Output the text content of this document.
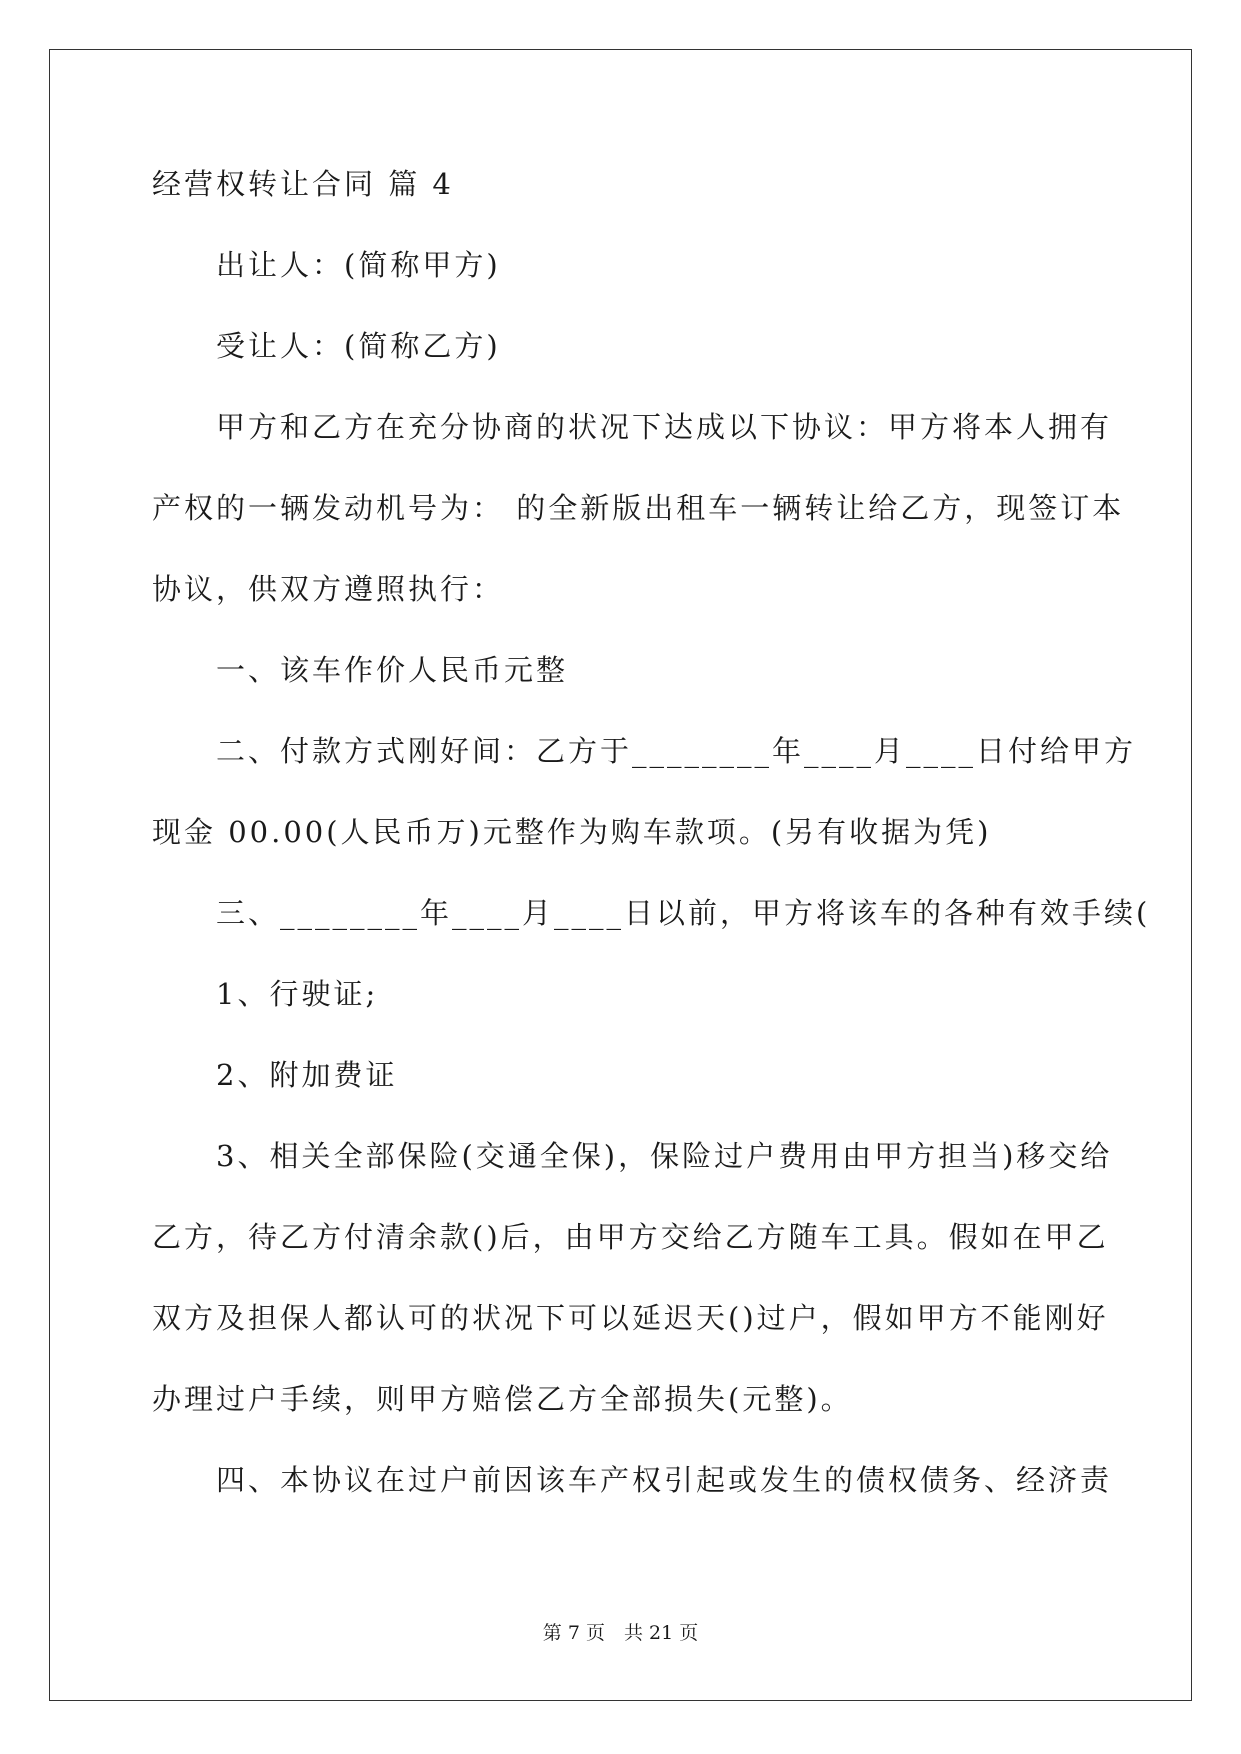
经营权转让合同 篇 4

出让人：(简称甲方)

受让人：(简称乙方)

甲方和乙方在充分协商的状况下达成以下协议：甲方将本人拥有

产权的一辆发动机号为： 的全新版出租车一辆转让给乙方，现签订本

协议，供双方遵照执行：

一、该车作价人民币元整

二、付款方式刚好间：乙方于________年____月____日付给甲方

现金 00.00(人民币万)元整作为购车款项。(另有收据为凭)

三、________年____月____日以前，甲方将该车的各种有效手续(

1、行驶证;

2、附加费证

3、相关全部保险(交通全保)，保险过户费用由甲方担当)移交给

乙方，待乙方付清余款()后，由甲方交给乙方随车工具。假如在甲乙

双方及担保人都认可的状况下可以延迟天()过户，假如甲方不能刚好

办理过户手续，则甲方赔偿乙方全部损失(元整)。

四、本协议在过户前因该车产权引起或发生的债权债务、经济责

第 7 页　共 21 页
